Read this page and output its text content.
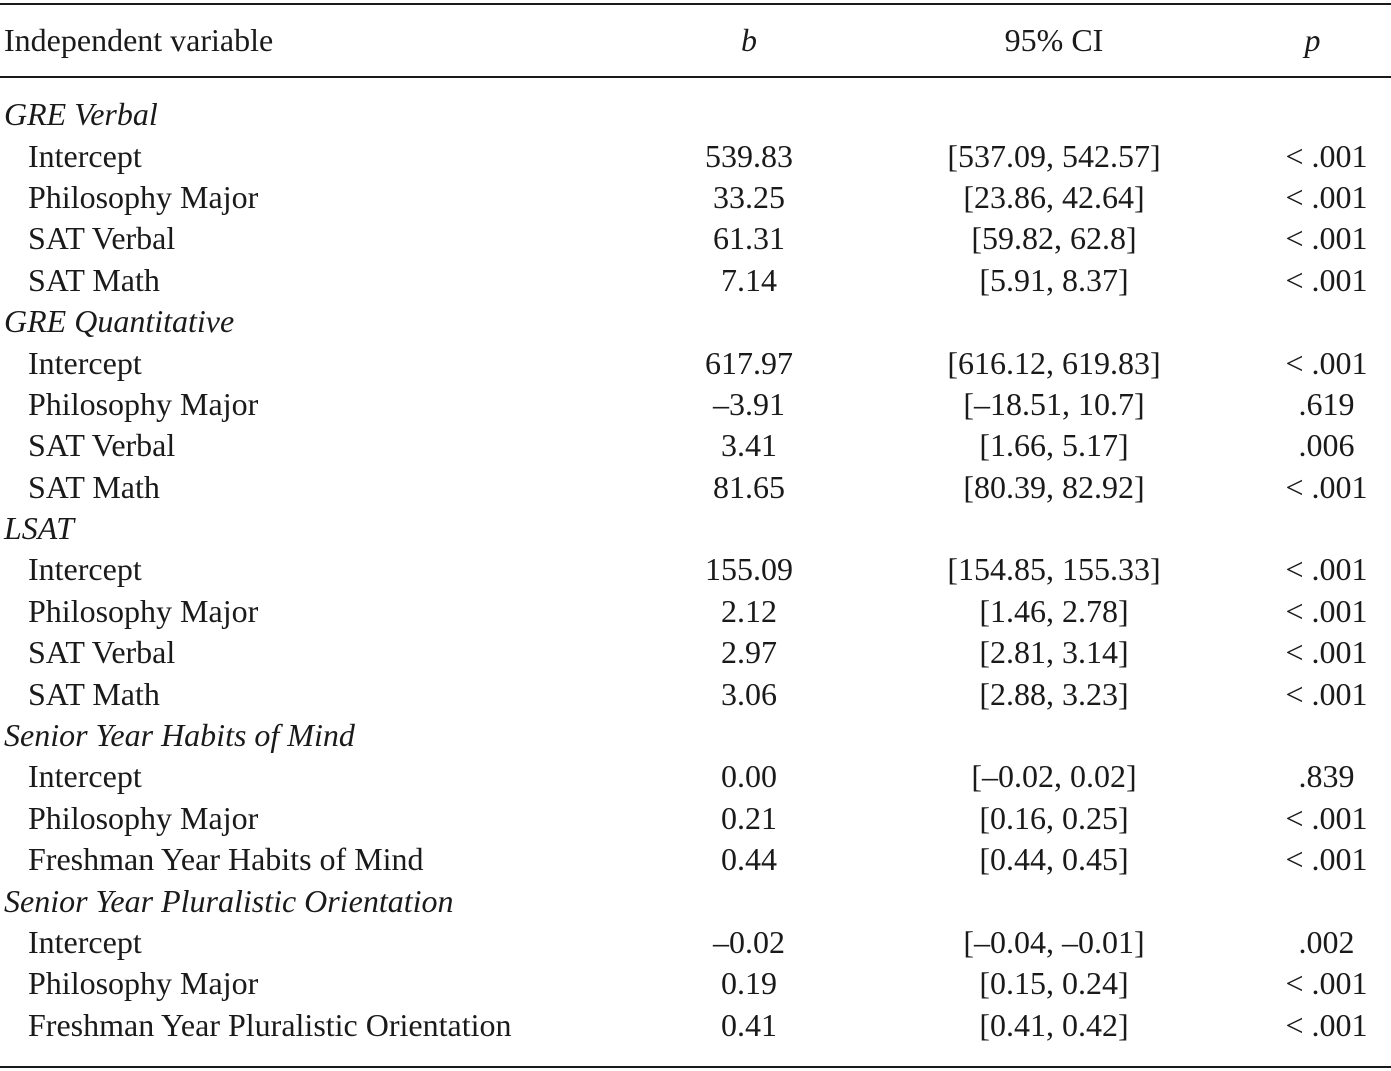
Independent variable	b	95% CI	p

GRE Verbal			
Intercept	539.83	[537.09, 542.57]	< .001
Philosophy Major	33.25	[23.86, 42.64]	< .001
SAT Verbal	61.31	[59.82, 62.8]	< .001
SAT Math	7.14	[5.91, 8.37]	< .001
GRE Quantitative			
Intercept	617.97	[616.12, 619.83]	< .001
Philosophy Major	–3.91	[–18.51, 10.7]	.619
SAT Verbal	3.41	[1.66, 5.17]	.006
SAT Math	81.65	[80.39, 82.92]	< .001
LSAT			
Intercept	155.09	[154.85, 155.33]	< .001
Philosophy Major	2.12	[1.46, 2.78]	< .001
SAT Verbal	2.97	[2.81, 3.14]	< .001
SAT Math	3.06	[2.88, 3.23]	< .001
Senior Year Habits of Mind			
Intercept	0.00	[–0.02, 0.02]	.839
Philosophy Major	0.21	[0.16, 0.25]	< .001
Freshman Year Habits of Mind	0.44	[0.44, 0.45]	< .001
Senior Year Pluralistic Orientation			
Intercept	–0.02	[–0.04, –0.01]	.002
Philosophy Major	0.19	[0.15, 0.24]	< .001
Freshman Year Pluralistic Orientation	0.41	[0.41, 0.42]	< .001
